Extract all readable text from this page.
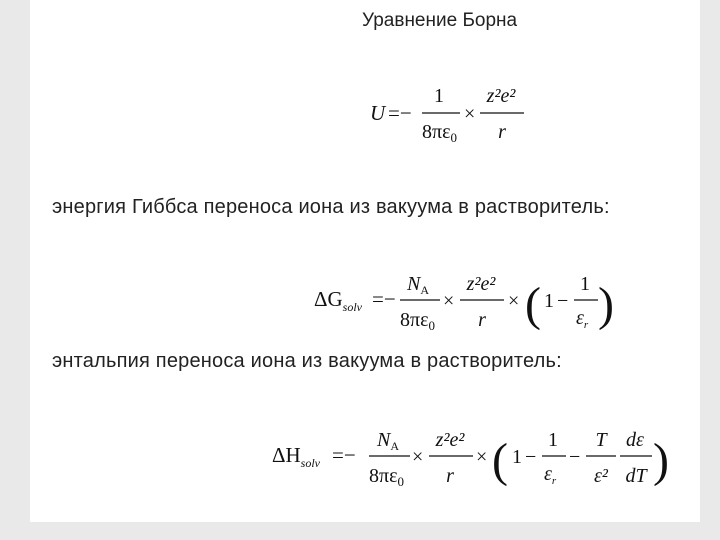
Уравнение Борна
U =−
1
$8\pi\varepsilon_0$
×
z²e²
r
энергия Гиббса переноса иона из вакуума в растворитель:
$\Delta G_{solv}$ =−
$N_A$
$8\pi\varepsilon_0$
×
z²e²
r
× ( 1 −
1
$\varepsilon_r$ )
энтальпия переноса иона из вакуума в растворитель:
$\Delta H_{solv}$ =−
$N_A$
$8\pi\varepsilon_0$
×
z²e²
r
× ( 1 −
1
$\varepsilon_r$
−
T
ε²
dε
dT )
